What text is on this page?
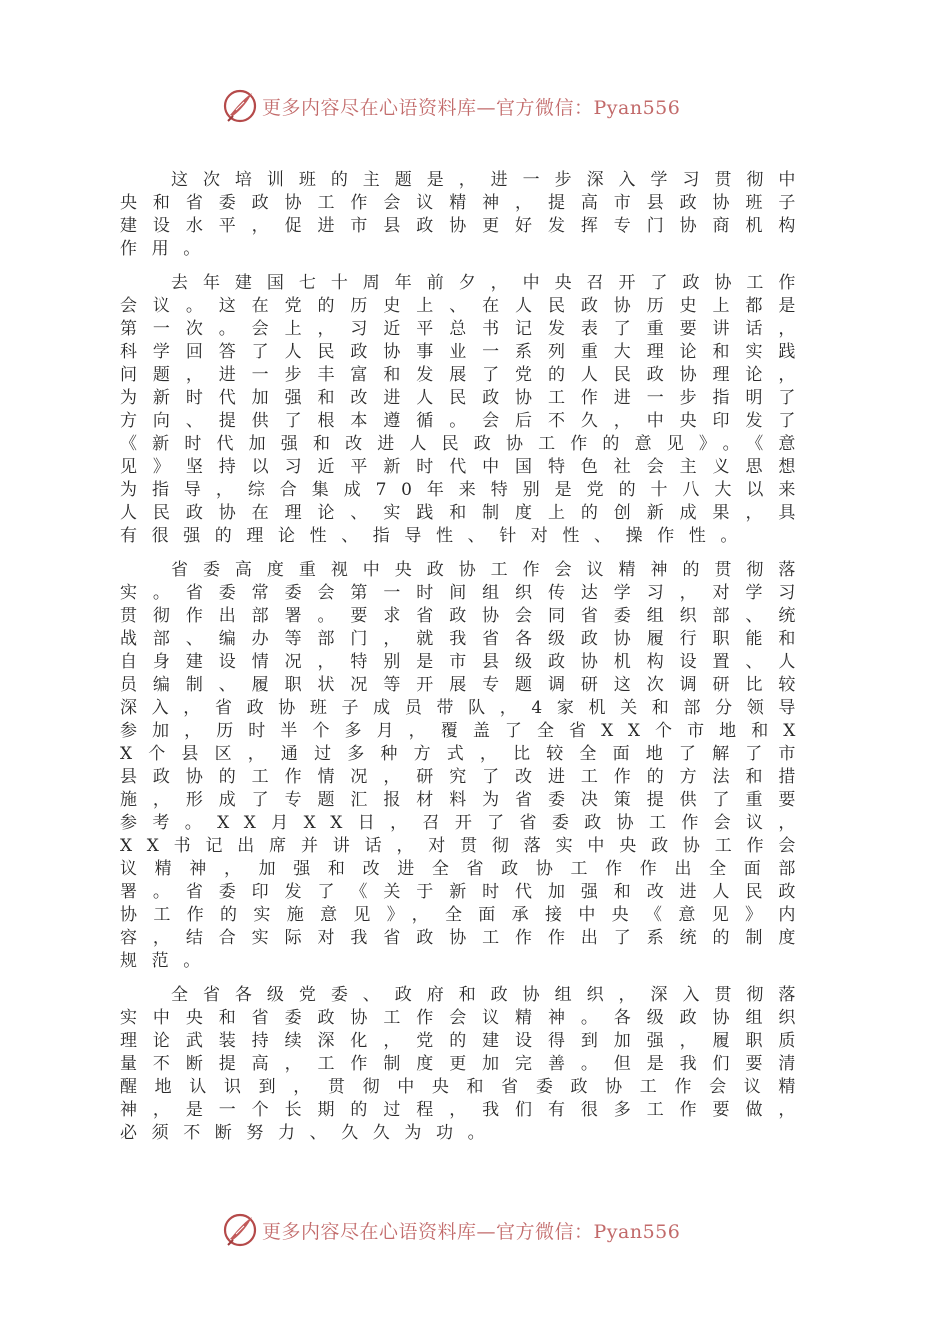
更多内容尽在心语资料库—官方微信：Pyan556

这次培训班的主题是，进一步深入学习贯彻中央和省委政协工作会议精神，提高市县政协班子建设水平，促进市县政协更好发挥专门协商机构作用。

去年建国七十周年前夕，中央召开了政协工作会议。这在党的历史上、在人民政协历史上都是第一次。会上，习近平总书记发表了重要讲话，科学回答了人民政协事业一系列重大理论和实践问题，进一步丰富和发展了党的人民政协理论，为新时代加强和改进人民政协工作进一步指明了方向、提供了根本遵循。会后不久，中央印发了《新时代加强和改进人民政协工作的意见》。《意见》坚持以习近平新时代中国特色社会主义思想为指导，综合集成70年来特别是党的十八大以来人民政协在理论、实践和制度上的创新成果，具有很强的理论性、指导性、针对性、操作性。

省委高度重视中央政协工作会议精神的贯彻落实。省委常委会第一时间组织传达学习，对学习贯彻作出部署。要求省政协会同省委组织部、统战部、编办等部门，就我省各级政协履行职能和自身建设情况，特别是市县级政协机构设置、人员编制、履职状况等开展专题调研这次调研比较深入，省政协班子成员带队，4家机关和部分领导参加，历时半个多月，覆盖了全省XX个市地和XX个县区，通过多种方式，比较全面地了解了市县政协的工作情况，研究了改进工作的方法和措施，形成了专题汇报材料为省委决策提供了重要参考。XX月XX日，召开了省委政协工作会议，XX书记出席并讲话，对贯彻落实中央政协工作会议精神，加强和改进全省政协工作作出全面部署。省委印发了《关于新时代加强和改进人民政协工作的实施意见》，全面承接中央《意见》内容，结合实际对我省政协工作作出了系统的制度规范。

全省各级党委、政府和政协组织，深入贯彻落实中央和省委政协工作会议精神。各级政协组织理论武装持续深化，党的建设得到加强，履职质量不断提高，工作制度更加完善。但是我们要清醒地认识到，贯彻中央和省委政协工作会议精神，是一个长期的过程，我们有很多工作要做，必须不断努力、久久为功。

更多内容尽在心语资料库—官方微信：Pyan556
